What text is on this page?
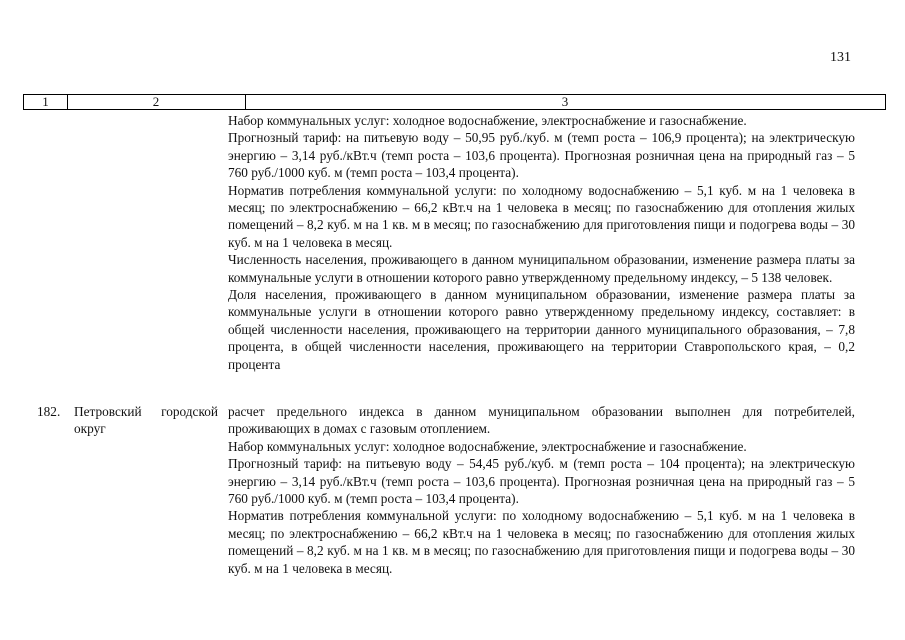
131
1	2	3

Набор коммунальных услуг: холодное водоснабжение, электроснабжение и газоснабжение.

Прогнозный тариф: на питьевую воду – 50,95 руб./куб. м (темп роста – 106,9 процента); на электрическую энергию – 3,14 руб./кВт.ч (темп роста – 103,6 процента). Прогнозная розничная цена на природный газ – 5 760 руб./1000 куб. м (темп роста – 103,4 процента).

Норматив потребления коммунальной услуги: по холодному водоснабжению – 5,1 куб. м на 1 человека в месяц; по электроснабжению – 66,2 кВт.ч на 1 человека в месяц; по газоснабжению для отопления жилых помещений – 8,2 куб. м на 1 кв. м в месяц; по газоснабжению для приготовления пищи и подогрева воды – 30 куб. м на 1 человека в месяц.

Численность населения, проживающего в данном муниципальном образовании, изменение размера платы за коммунальные услуги в отношении которого равно утвержденному предельному индексу, – 5 138 человек.

Доля населения, проживающего в данном муниципальном образовании, изменение размера платы за коммунальные услуги в отношении которого равно утвержденному предельному индексу, составляет: в общей численности населения, проживающего на территории данного муниципального образования, – 7,8 процента, в общей численности населения, проживающего на территории Ставропольского края, – 0,2 процента

182. Петровский городской округ

расчет предельного индекса в данном муниципальном образовании выполнен для потребителей, проживающих в домах с газовым отоплением.

Набор коммунальных услуг: холодное водоснабжение, электроснабжение и газоснабжение.

Прогнозный тариф: на питьевую воду – 54,45 руб./куб. м (темп роста – 104 процента); на электрическую энергию – 3,14 руб./кВт.ч (темп роста – 103,6 процента). Прогнозная розничная цена на природный газ – 5 760 руб./1000 куб. м (темп роста – 103,4 процента).

Норматив потребления коммунальной услуги: по холодному водоснабжению – 5,1 куб. м на 1 человека в месяц; по электроснабжению – 66,2 кВт.ч на 1 человека в месяц; по газоснабжению для отопления жилых помещений – 8,2 куб. м на 1 кв. м в месяц; по газоснабжению для приготовления пищи и подогрева воды – 30 куб. м на 1 человека в месяц.
